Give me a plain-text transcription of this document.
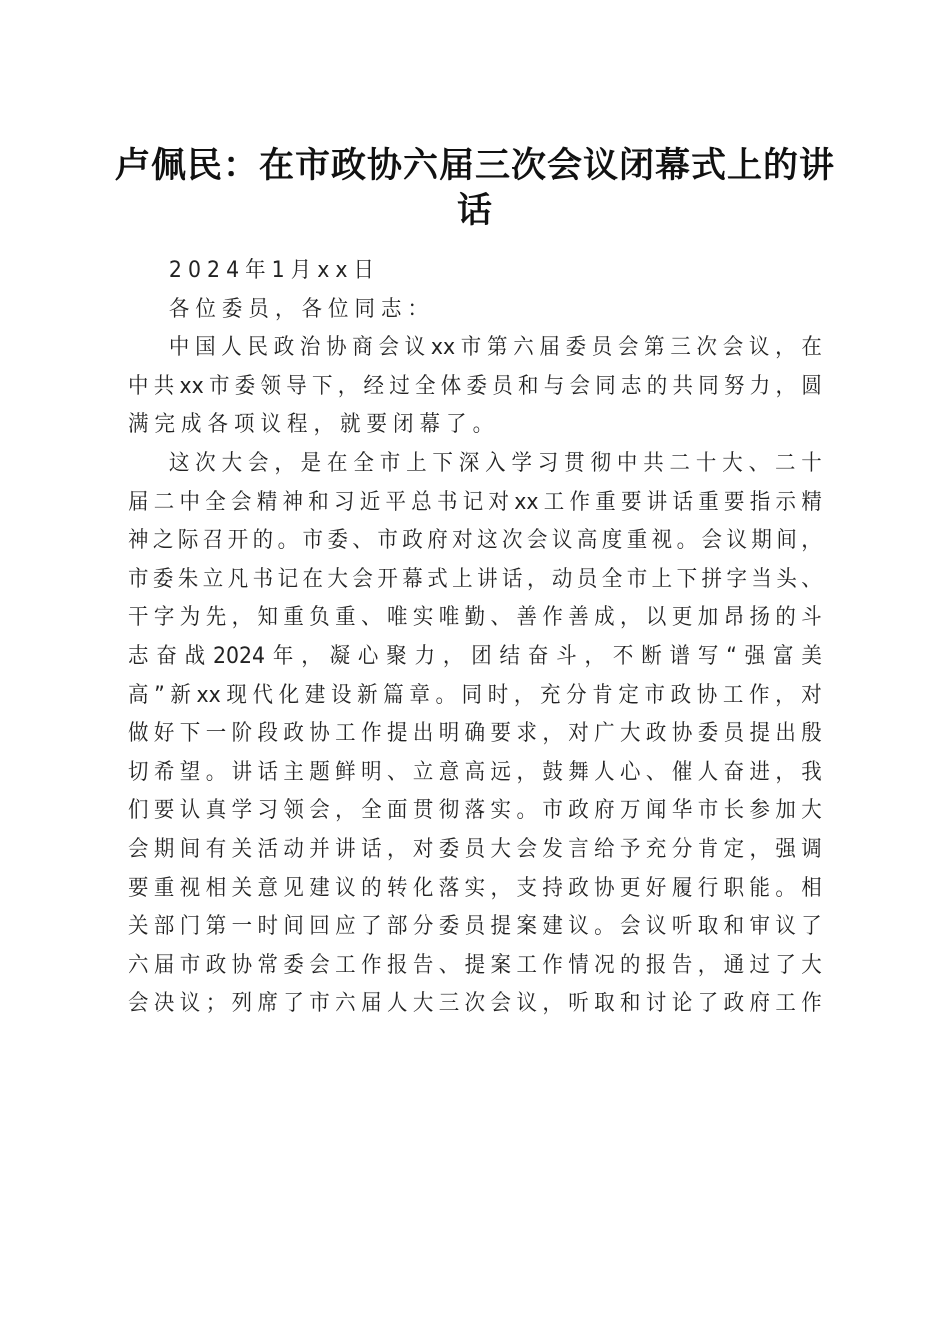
卢佩民：在市政协六届三次会议闭幕式上的讲
话
2024年1月xx日
各位委员，各位同志：
中国人民政治协商会议xx市第六届委员会第三次会议，在
中共xx市委领导下，经过全体委员和与会同志的共同努力，圆
满完成各项议程，就要闭幕了。
这次大会，是在全市上下深入学习贯彻中共二十大、二十
届二中全会精神和习近平总书记对xx工作重要讲话重要指示精
神之际召开的。市委、市政府对这次会议高度重视。会议期间，
市委朱立凡书记在大会开幕式上讲话，动员全市上下拼字当头、
干字为先，知重负重、唯实唯勤、善作善成，以更加昂扬的斗
志奋战2024年，凝心聚力，团结奋斗，不断谱写“强富美
高”新xx现代化建设新篇章。同时，充分肯定市政协工作，对
做好下一阶段政协工作提出明确要求，对广大政协委员提出殷
切希望。讲话主题鲜明、立意高远，鼓舞人心、催人奋进，我
们要认真学习领会，全面贯彻落实。市政府万闻华市长参加大
会期间有关活动并讲话，对委员大会发言给予充分肯定，强调
要重视相关意见建议的转化落实，支持政协更好履行职能。相
关部门第一时间回应了部分委员提案建议。会议听取和审议了
六届市政协常委会工作报告、提案工作情况的报告，通过了大
会决议；列席了市六届人大三次会议，听取和讨论了政府工作
